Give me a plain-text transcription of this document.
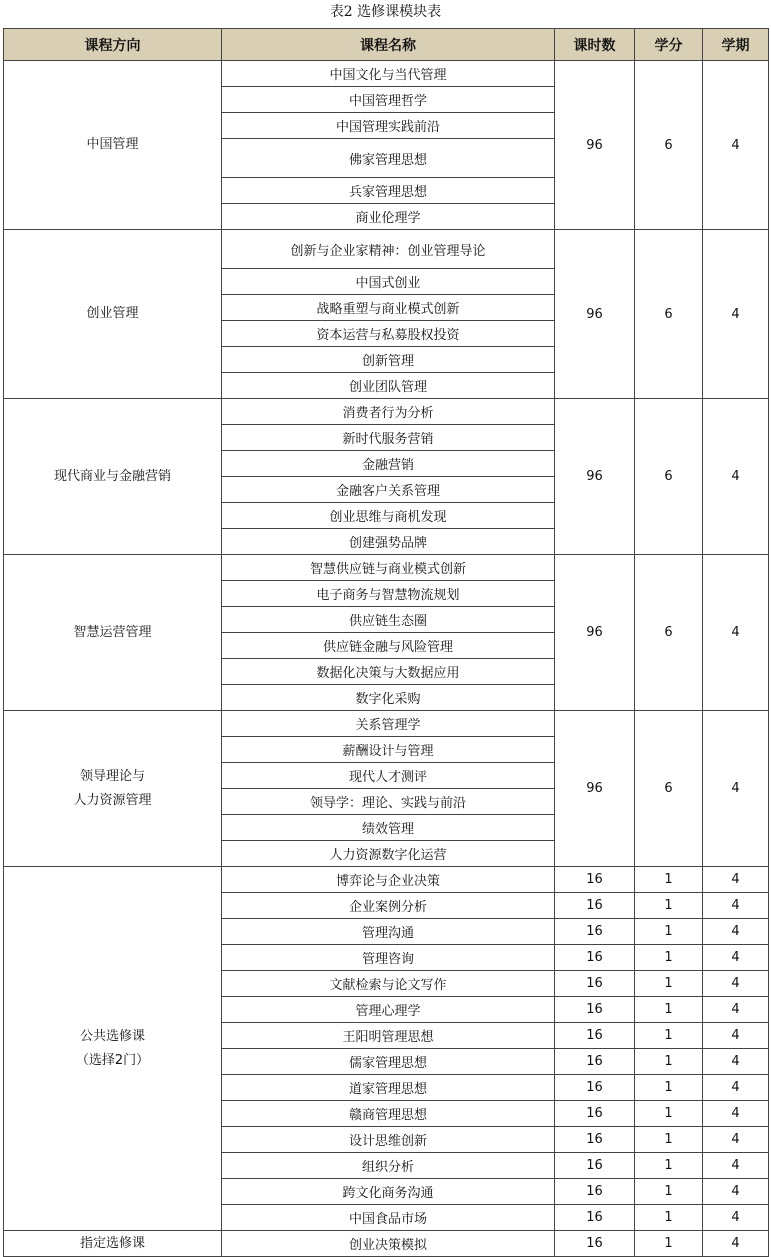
表2 选修课模块表
课程方向	课程名称	课时数	学分	学期

中国管理	中国文化与当代管理	96	6	4
	中国管理哲学			
	中国管理实践前沿			
	佛家管理思想			
	兵家管理思想			
	商业伦理学			

创业管理	创新与企业家精神：创业管理导论	96	6	4
	中国式创业			
	战略重塑与商业模式创新			
	资本运营与私募股权投资			
	创新管理			
	创业团队管理			

现代商业与金融营销	消费者行为分析	96	6	4
	新时代服务营销			
	金融营销			
	金融客户关系管理			
	创业思维与商机发现			
	创建强势品牌			

智慧运营管理	智慧供应链与商业模式创新	96	6	4
	电子商务与智慧物流规划			
	供应链生态圈			
	供应链金融与风险管理			
	数据化决策与大数据应用			
	数字化采购			

领导理论与
人力资源管理	关系管理学	96	6	4
	薪酬设计与管理			
	现代人才测评			
	领导学：理论、实践与前沿			
	绩效管理			
	人力资源数字化运营			

公共选修课
（选择2门）	博弈论与企业决策	16	1	4
	企业案例分析	16	1	4
	管理沟通	16	1	4
	管理咨询	16	1	4
	文献检索与论文写作	16	1	4
	管理心理学	16	1	4
	王阳明管理思想	16	1	4
	儒家管理思想	16	1	4
	道家管理思想	16	1	4
	赣商管理思想	16	1	4
	设计思维创新	16	1	4
	组织分析	16	1	4
	跨文化商务沟通	16	1	4
	中国食品市场	16	1	4
指定选修课	创业决策模拟	16	1	4
